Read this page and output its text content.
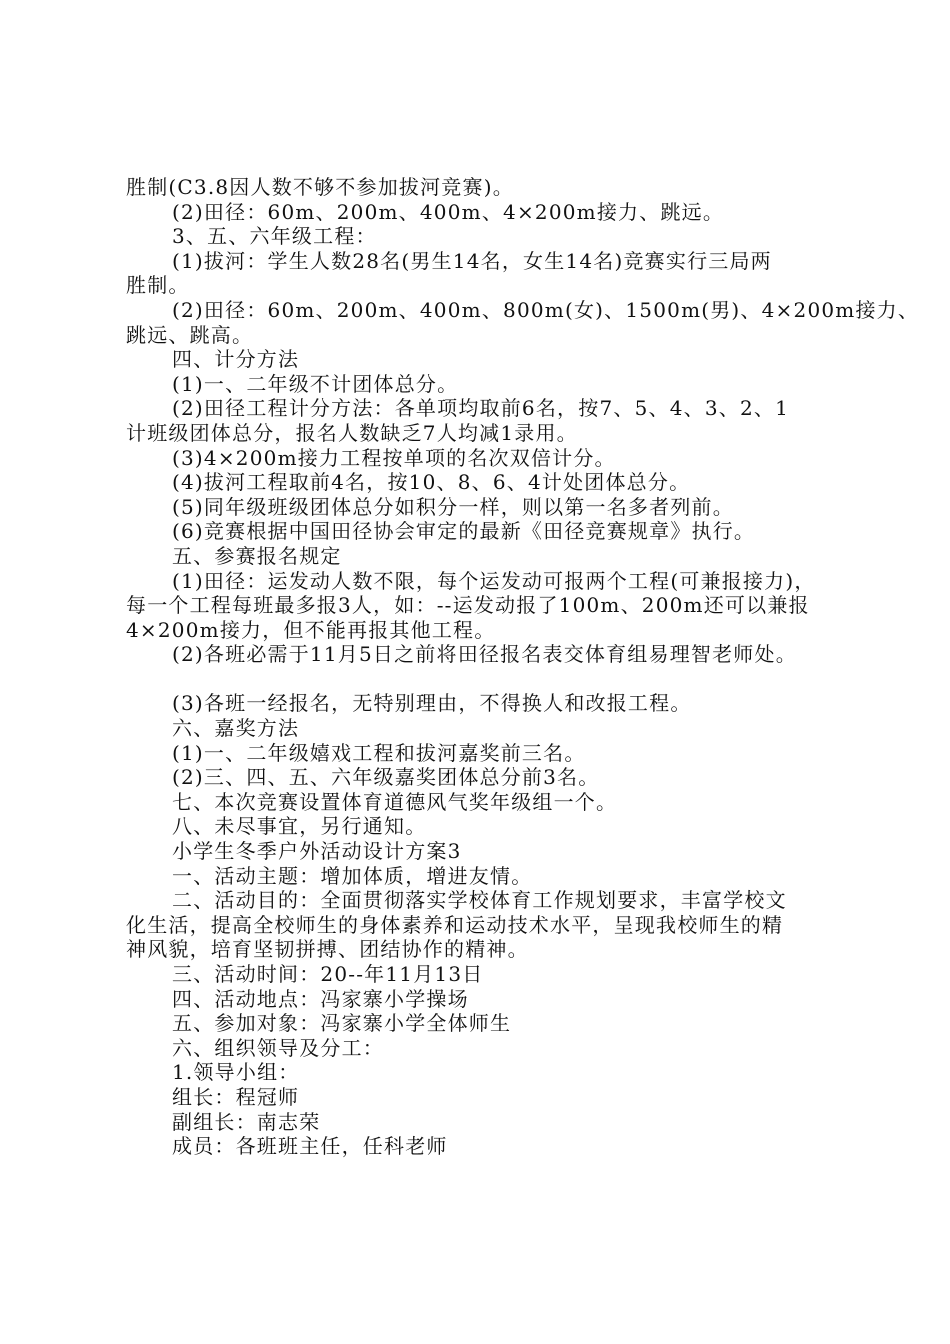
胜制(C3.8因人数不够不参加拔河竞赛)。
(2)田径：60m、200m、400m、4×200m接力、跳远。
3、五、六年级工程：
(1)拔河：学生人数28名(男生14名，女生14名)竞赛实行三局两
胜制。
(2)田径：60m、200m、400m、800m(女)、1500m(男)、4×200m接力、
跳远、跳高。
四、计分方法
(1)一、二年级不计团体总分。
(2)田径工程计分方法：各单项均取前6名，按7、5、4、3、2、1
计班级团体总分，报名人数缺乏7人均减1录用。
(3)4×200m接力工程按单项的名次双倍计分。
(4)拔河工程取前4名，按10、8、6、4计处团体总分。
(5)同年级班级团体总分如积分一样，则以第一名多者列前。
(6)竞赛根据中国田径协会审定的最新《田径竞赛规章》执行。
五、参赛报名规定
(1)田径：运发动人数不限，每个运发动可报两个工程(可兼报接力)，
每一个工程每班最多报3人，如：--运发动报了100m、200m还可以兼报
4×200m接力，但不能再报其他工程。
(2)各班必需于11月5日之前将田径报名表交体育组易理智老师处。
(3)各班一经报名，无特别理由，不得换人和改报工程。
六、嘉奖方法
(1)一、二年级嬉戏工程和拔河嘉奖前三名。
(2)三、四、五、六年级嘉奖团体总分前3名。
七、本次竞赛设置体育道德风气奖年级组一个。
八、未尽事宜，另行通知。
小学生冬季户外活动设计方案3
一、活动主题：增加体质，增进友情。
二、活动目的：全面贯彻落实学校体育工作规划要求，丰富学校文
化生活，提高全校师生的身体素养和运动技术水平，呈现我校师生的精
神风貌，培育坚韧拼搏、团结协作的精神。
三、活动时间：20--年11月13日
四、活动地点：冯家寨小学操场
五、参加对象：冯家寨小学全体师生
六、组织领导及分工：
1.领导小组：
组长：程冠师
副组长：南志荣
成员：各班班主任，任科老师
